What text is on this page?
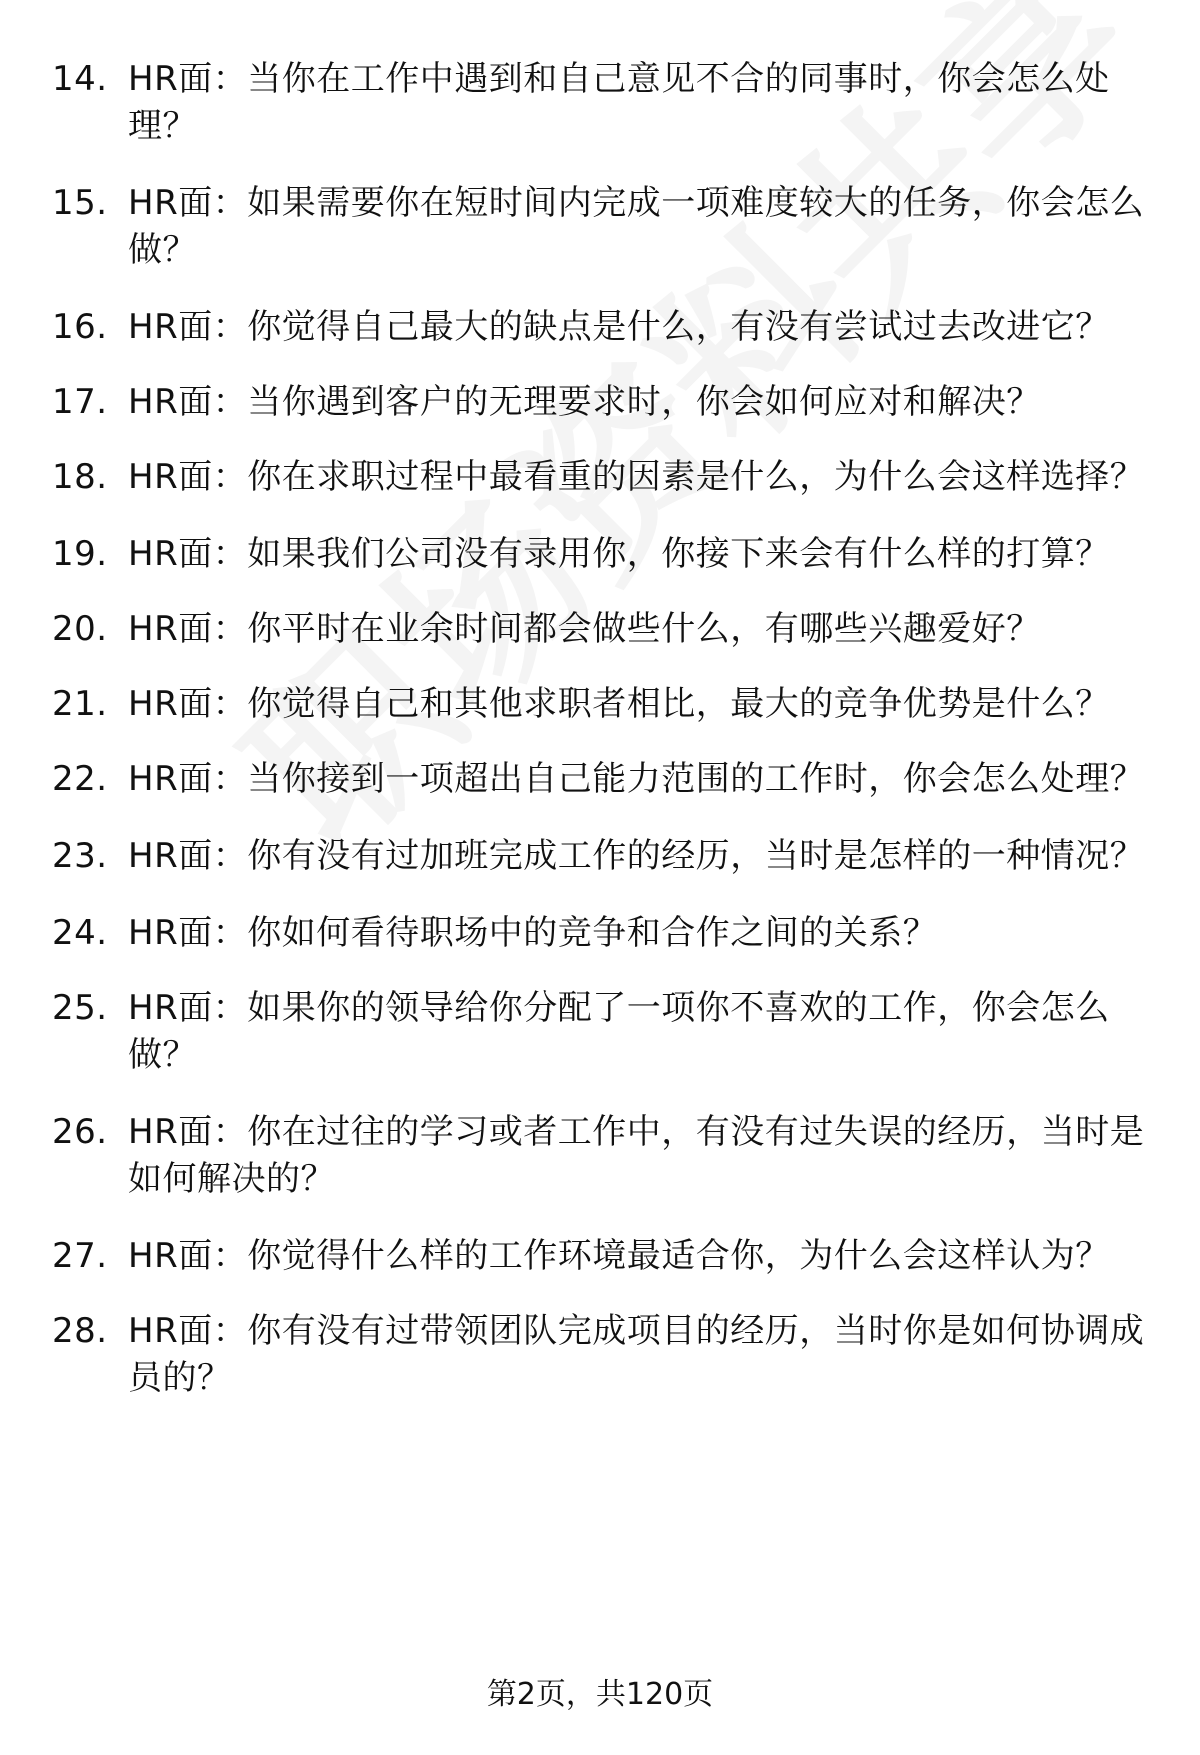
14. HR面：当你在工作中遇到和自己意见不合的同事时，你会怎么处理？
15. HR面：如果需要你在短时间内完成一项难度较大的任务，你会怎么做？
16. HR面：你觉得自己最大的缺点是什么，有没有尝试过去改进它？
17. HR面：当你遇到客户的无理要求时，你会如何应对和解决？
18. HR面：你在求职过程中最看重的因素是什么，为什么会这样选择？
19. HR面：如果我们公司没有录用你，你接下来会有什么样的打算？
20. HR面：你平时在业余时间都会做些什么，有哪些兴趣爱好？
21. HR面：你觉得自己和其他求职者相比，最大的竞争优势是什么？
22. HR面：当你接到一项超出自己能力范围的工作时，你会怎么处理？
23. HR面：你有没有过加班完成工作的经历，当时是怎样的一种情况？
24. HR面：你如何看待职场中的竞争和合作之间的关系？
25. HR面：如果你的领导给你分配了一项你不喜欢的工作，你会怎么做？
26. HR面：你在过往的学习或者工作中，有没有过失误的经历，当时是如何解决的？
27. HR面：你觉得什么样的工作环境最适合你，为什么会这样认为？
28. HR面：你有没有过带领团队完成项目的经历，当时你是如何协调成员的？
第2页，共120页
